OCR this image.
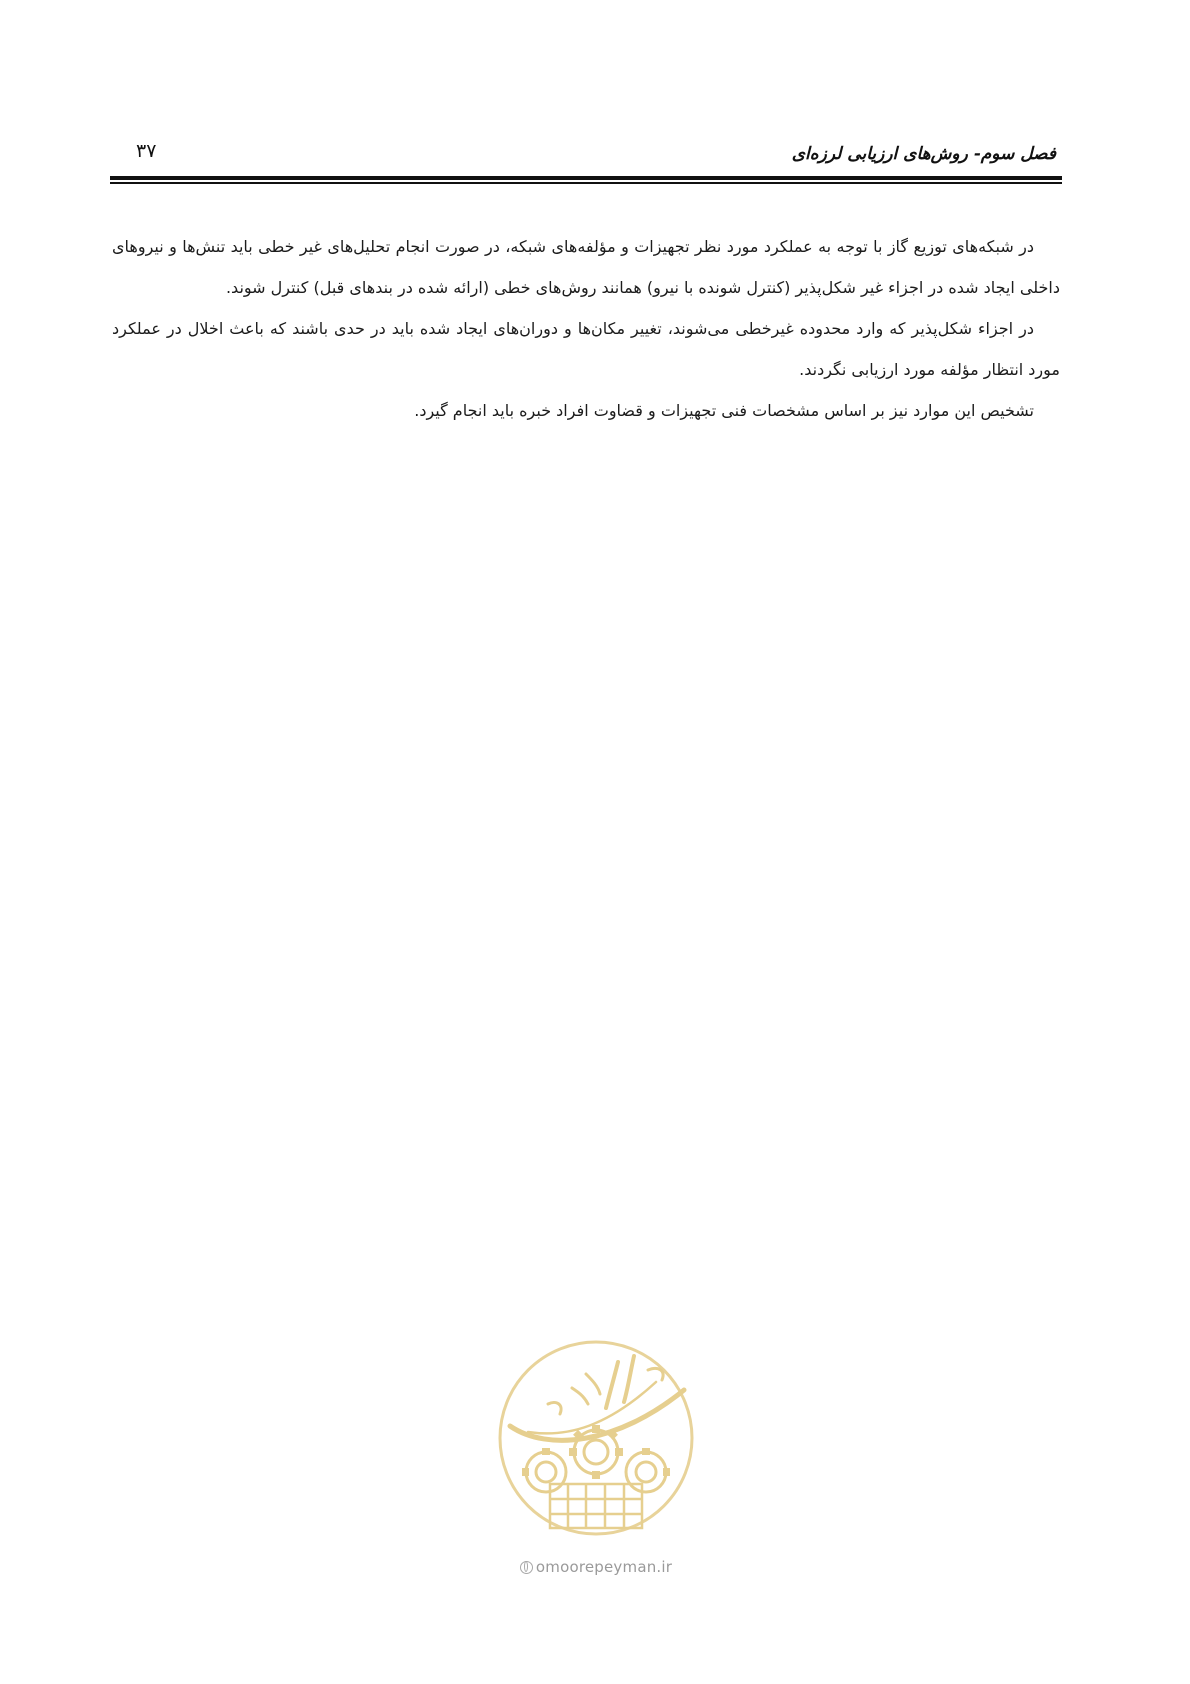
فصل سوم- روش‌های ارزیابی لرزه‌ای
۳۷

در شبکه‌های توزیع گاز با توجه به عملکرد مورد نظر تجهیزات و مؤلفه‌های شبکه، در صورت انجام تحلیل‌های غیر خطی باید تنش‌ها و نیروهای داخلی ایجاد شده در اجزاء غیر شکل‌پذیر (کنترل شونده با نیرو) همانند روش‌های خطی (ارائه شده در بندهای قبل) کنترل شوند.

در اجزاء شکل‌پذیر که وارد محدوده غیرخطی می‌شوند، تغییر مکان‌ها و دوران‌های ایجاد شده باید در حدی باشند که باعث اخلال در عملکرد مورد انتظار مؤلفه مورد ارزیابی نگردند.

تشخیص این موارد نیز بر اساس مشخصات فنی تجهیزات و قضاوت افراد خبره باید انجام گیرد.

omoorepeyman.ir
